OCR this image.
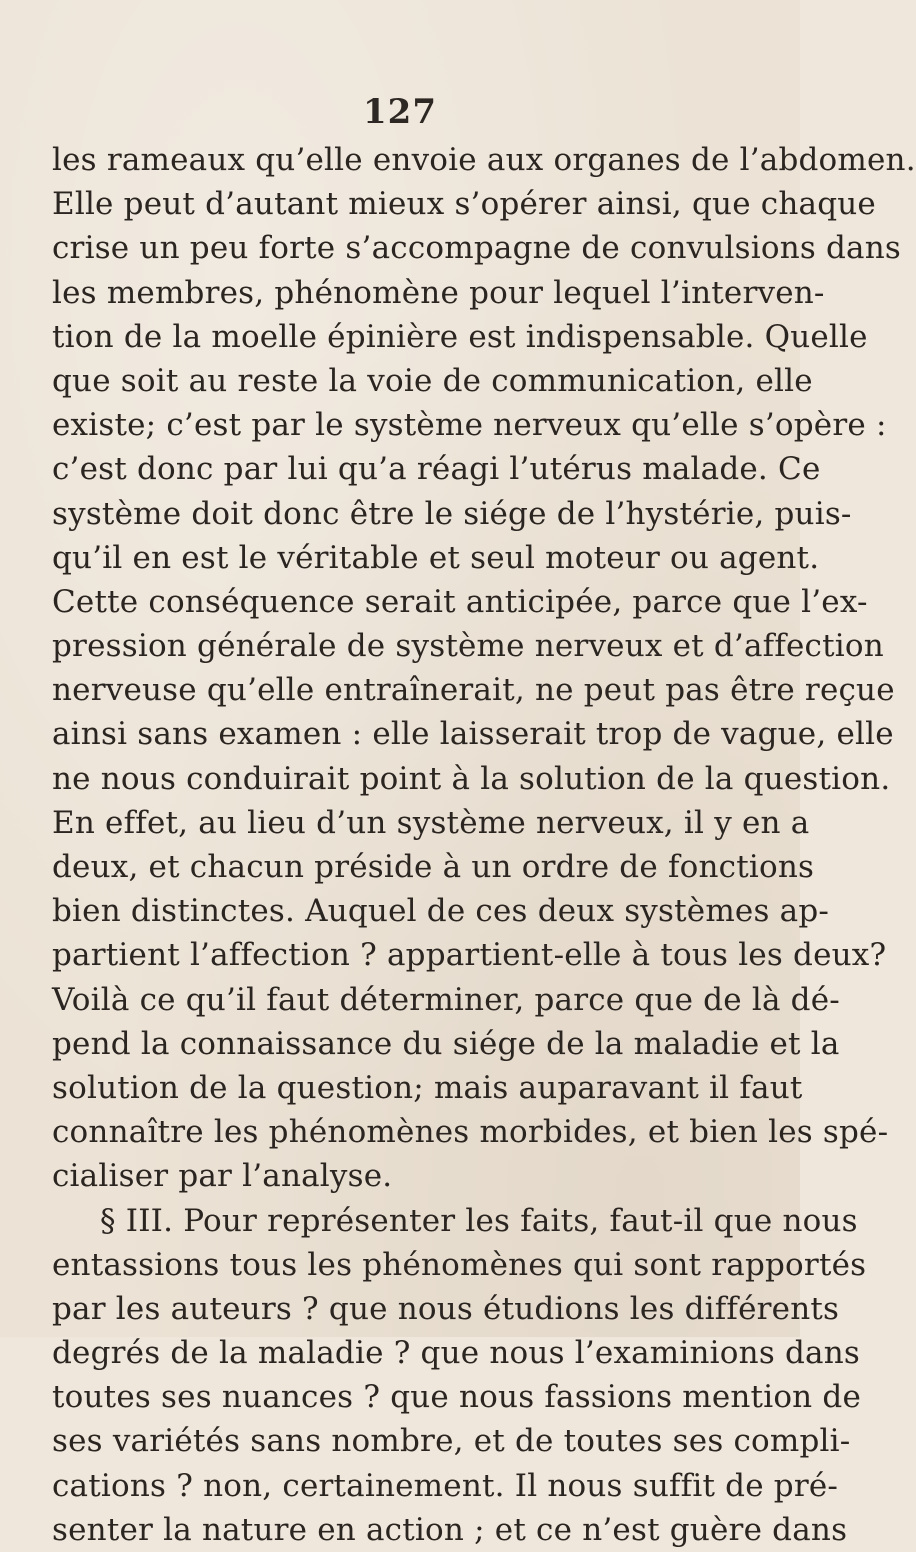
127
les rameaux qu’elle envoie aux organes de l’abdomen.
Elle peut d’autant mieux s’opérer ainsi, que chaque
crise un peu forte s’accompagne de convulsions dans
les membres, phénomène pour lequel l’interven-
tion de la moelle épinière est indispensable. Quelle
que soit au reste la voie de communication, elle
existe; c’est par le système nerveux qu’elle s’opère :
c’est donc par lui qu’a réagi l’utérus malade. Ce
système doit donc être le siége de l’hystérie, puis-
qu’il en est le véritable et seul moteur ou agent.
Cette conséquence serait anticipée, parce que l’ex-
pression générale de système nerveux et d’affection
nerveuse qu’elle entraînerait, ne peut pas être reçue
ainsi sans examen : elle laisserait trop de vague, elle
ne nous conduirait point à la solution de la question.
En effet, au lieu d’un système nerveux, il y en a
deux, et chacun préside à un ordre de fonctions
bien distinctes. Auquel de ces deux systèmes ap-
partient l’affection ? appartient-elle à tous les deux?
Voilà ce qu’il faut déterminer, parce que de là dé-
pend la connaissance du siége de la maladie et la
solution de la question; mais auparavant il faut
connaître les phénomènes morbides, et bien les spé-
cialiser par l’analyse.
§ III. Pour représenter les faits, faut-il que nous
entassions tous les phénomènes qui sont rapportés
par les auteurs ? que nous étudions les différents
degrés de la maladie ? que nous l’examinions dans
toutes ses nuances ? que nous fassions mention de
ses variétés sans nombre, et de toutes ses compli-
cations ? non, certainement. Il nous suffit de pré-
senter la nature en action ; et ce n’est guère dans
